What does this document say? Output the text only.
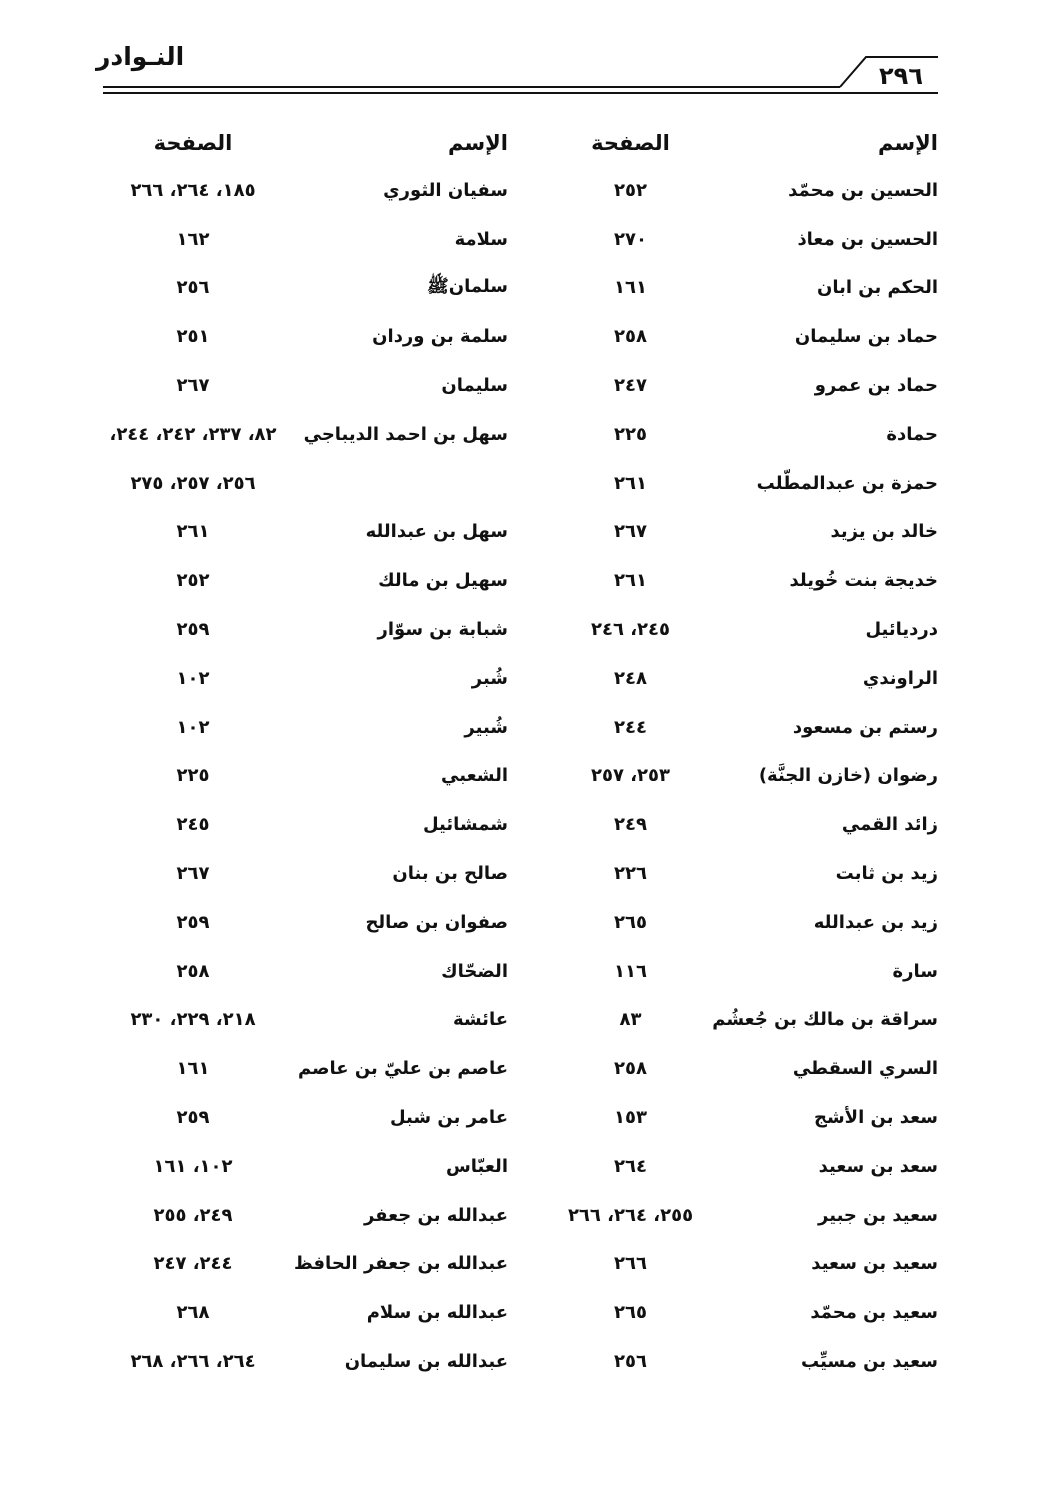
النـوادر
٢٩٦
الإسم
الصفحة
الحسين بن محمّد
٢٥٢
الحسين بن معاذ
٢٧٠
الحكم بن ابان
١٦١
حماد بن سليمان
٢٥٨
حماد بن عمرو
٢٤٧
حمادة
٢٢٥
حمزة بن عبدالمطّلب
٢٦١
خالد بن يزيد
٢٦٧
خديجة بنت خُويلد
٢٦١
درديائيل
٢٤٥، ٢٤٦
الراوندي
٢٤٨
رستم بن مسعود
٢٤٤
رضوان (خازن الجنَّة)
٢٥٣، ٢٥٧
زائد القمي
٢٤٩
زيد بن ثابت
٢٢٦
زيد بن عبدالله
٢٦٥
سارة
١١٦
سراقة بن مالك بن جُعشُم
٨٣
السري السقطي
٢٥٨
سعد بن الأشج
١٥٣
سعد بن سعيد
٢٦٤
سعيد بن جبير
٢٥٥، ٢٦٤، ٢٦٦
سعيد بن سعيد
٢٦٦
سعيد بن محمّد
٢٦٥
سعيد بن مسيِّب
٢٥٦
الإسم
الصفحة
سفيان الثوري
١٨٥، ٢٦٤، ٢٦٦
سلامة
١٦٢
سلمانﷺ
٢٥٦
سلمة بن وردان
٢٥١
سليمان
٢٦٧
سهل بن احمد الديباجي
٨٢، ٢٣٧، ٢٤٢، ٢٤٤،
٢٥٦، ٢٥٧، ٢٧٥
سهل بن عبدالله
٢٦١
سهيل بن مالك
٢٥٢
شبابة بن سوّار
٢٥٩
شُبر
١٠٢
شُبير
١٠٢
الشعبي
٢٢٥
شمشائيل
٢٤٥
صالح بن بنان
٢٦٧
صفوان بن صالح
٢٥٩
الضحّاك
٢٥٨
عائشة
٢١٨، ٢٢٩، ٢٣٠
عاصم بن عليّ بن عاصم
١٦١
عامر بن شبل
٢٥٩
العبّاس
١٠٢، ١٦١
عبدالله بن جعفر
٢٤٩، ٢٥٥
عبدالله بن جعفر الحافظ
٢٤٤، ٢٤٧
عبدالله بن سلام
٢٦٨
عبدالله بن سليمان
٢٦٤، ٢٦٦، ٢٦٨
